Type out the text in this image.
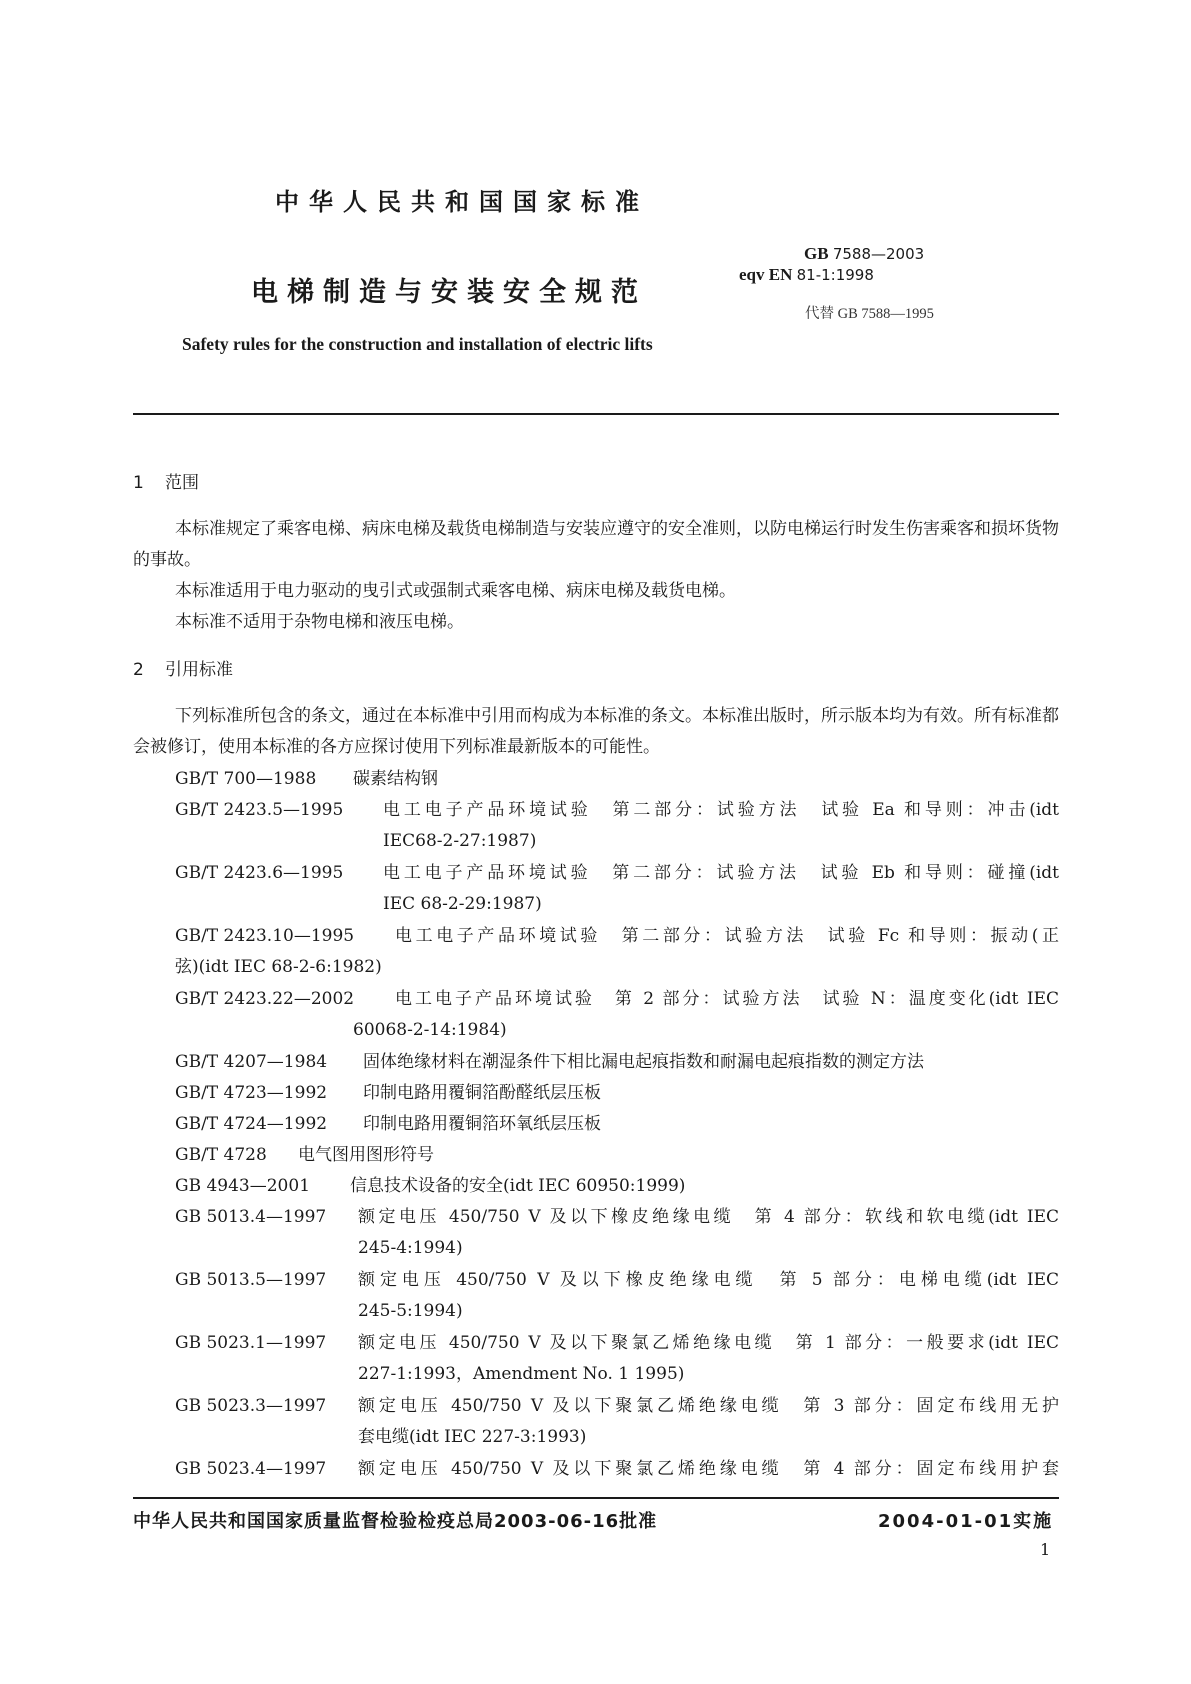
中华人民共和国国家标准
电梯制造与安装安全规范
Safety rules for the construction and installation of electric lifts
GB 7588—2003
eqv EN 81-1:1998
代替 GB 7588—1995
1 范围
本标准规定了乘客电梯、病床电梯及载货电梯制造与安装应遵守的安全准则，以防电梯运行时发生伤害乘客和损坏货物的事故。
本标准适用于电力驱动的曳引式或强制式乘客电梯、病床电梯及载货电梯。
本标准不适用于杂物电梯和液压电梯。
2 引用标准
下列标准所包含的条文，通过在本标准中引用而构成为本标准的条文。本标准出版时，所示版本均为有效。所有标准都会被修订，使用本标准的各方应探讨使用下列标准最新版本的可能性。
GB/T 700—1988	碳素结构钢
GB/T 2423.5—1995	电工电子产品环境试验　第二部分：试验方法　试验 Ea 和导则：冲击(idt
IEC68-2-27:1987)
GB/T 2423.6—1995	电工电子产品环境试验　第二部分：试验方法　试验 Eb 和导则：碰撞(idt
IEC 68-2-29:1987)
GB/T 2423.10—1995	电工电子产品环境试验　第二部分：试验方法　试验 Fc 和导则：振动(正
弦)(idt IEC 68-2-6:1982)
GB/T 2423.22—2002	电工电子产品环境试验　第 2 部分：试验方法　试验 N：温度变化(idt IEC
60068-2-14:1984)
GB/T 4207—1984	固体绝缘材料在潮湿条件下相比漏电起痕指数和耐漏电起痕指数的测定方法
GB/T 4723—1992	印制电路用覆铜箔酚醛纸层压板
GB/T 4724—1992	印制电路用覆铜箔环氧纸层压板
GB/T 4728	电气图用图形符号
GB 4943—2001	信息技术设备的安全(idt IEC 60950:1999)
GB 5013.4—1997	额定电压 450/750 V 及以下橡皮绝缘电缆　第 4 部分：软线和软电缆(idt IEC
245-4:1994)
GB 5013.5—1997	额定电压 450/750 V 及以下橡皮绝缘电缆　第 5 部分：电梯电缆(idt IEC
245-5:1994)
GB 5023.1—1997	额定电压 450/750 V 及以下聚氯乙烯绝缘电缆　第 1 部分：一般要求(idt IEC
227-1:1993，Amendment No. 1 1995)
GB 5023.3—1997	额定电压 450/750 V 及以下聚氯乙烯绝缘电缆　第 3 部分：固定布线用无护
套电缆(idt IEC 227-3:1993)
GB 5023.4—1997	额定电压 450/750 V 及以下聚氯乙烯绝缘电缆　第 4 部分：固定布线用护套
中华人民共和国国家质量监督检验检疫总局2003-06-16批准	2004-01-01实施
1
